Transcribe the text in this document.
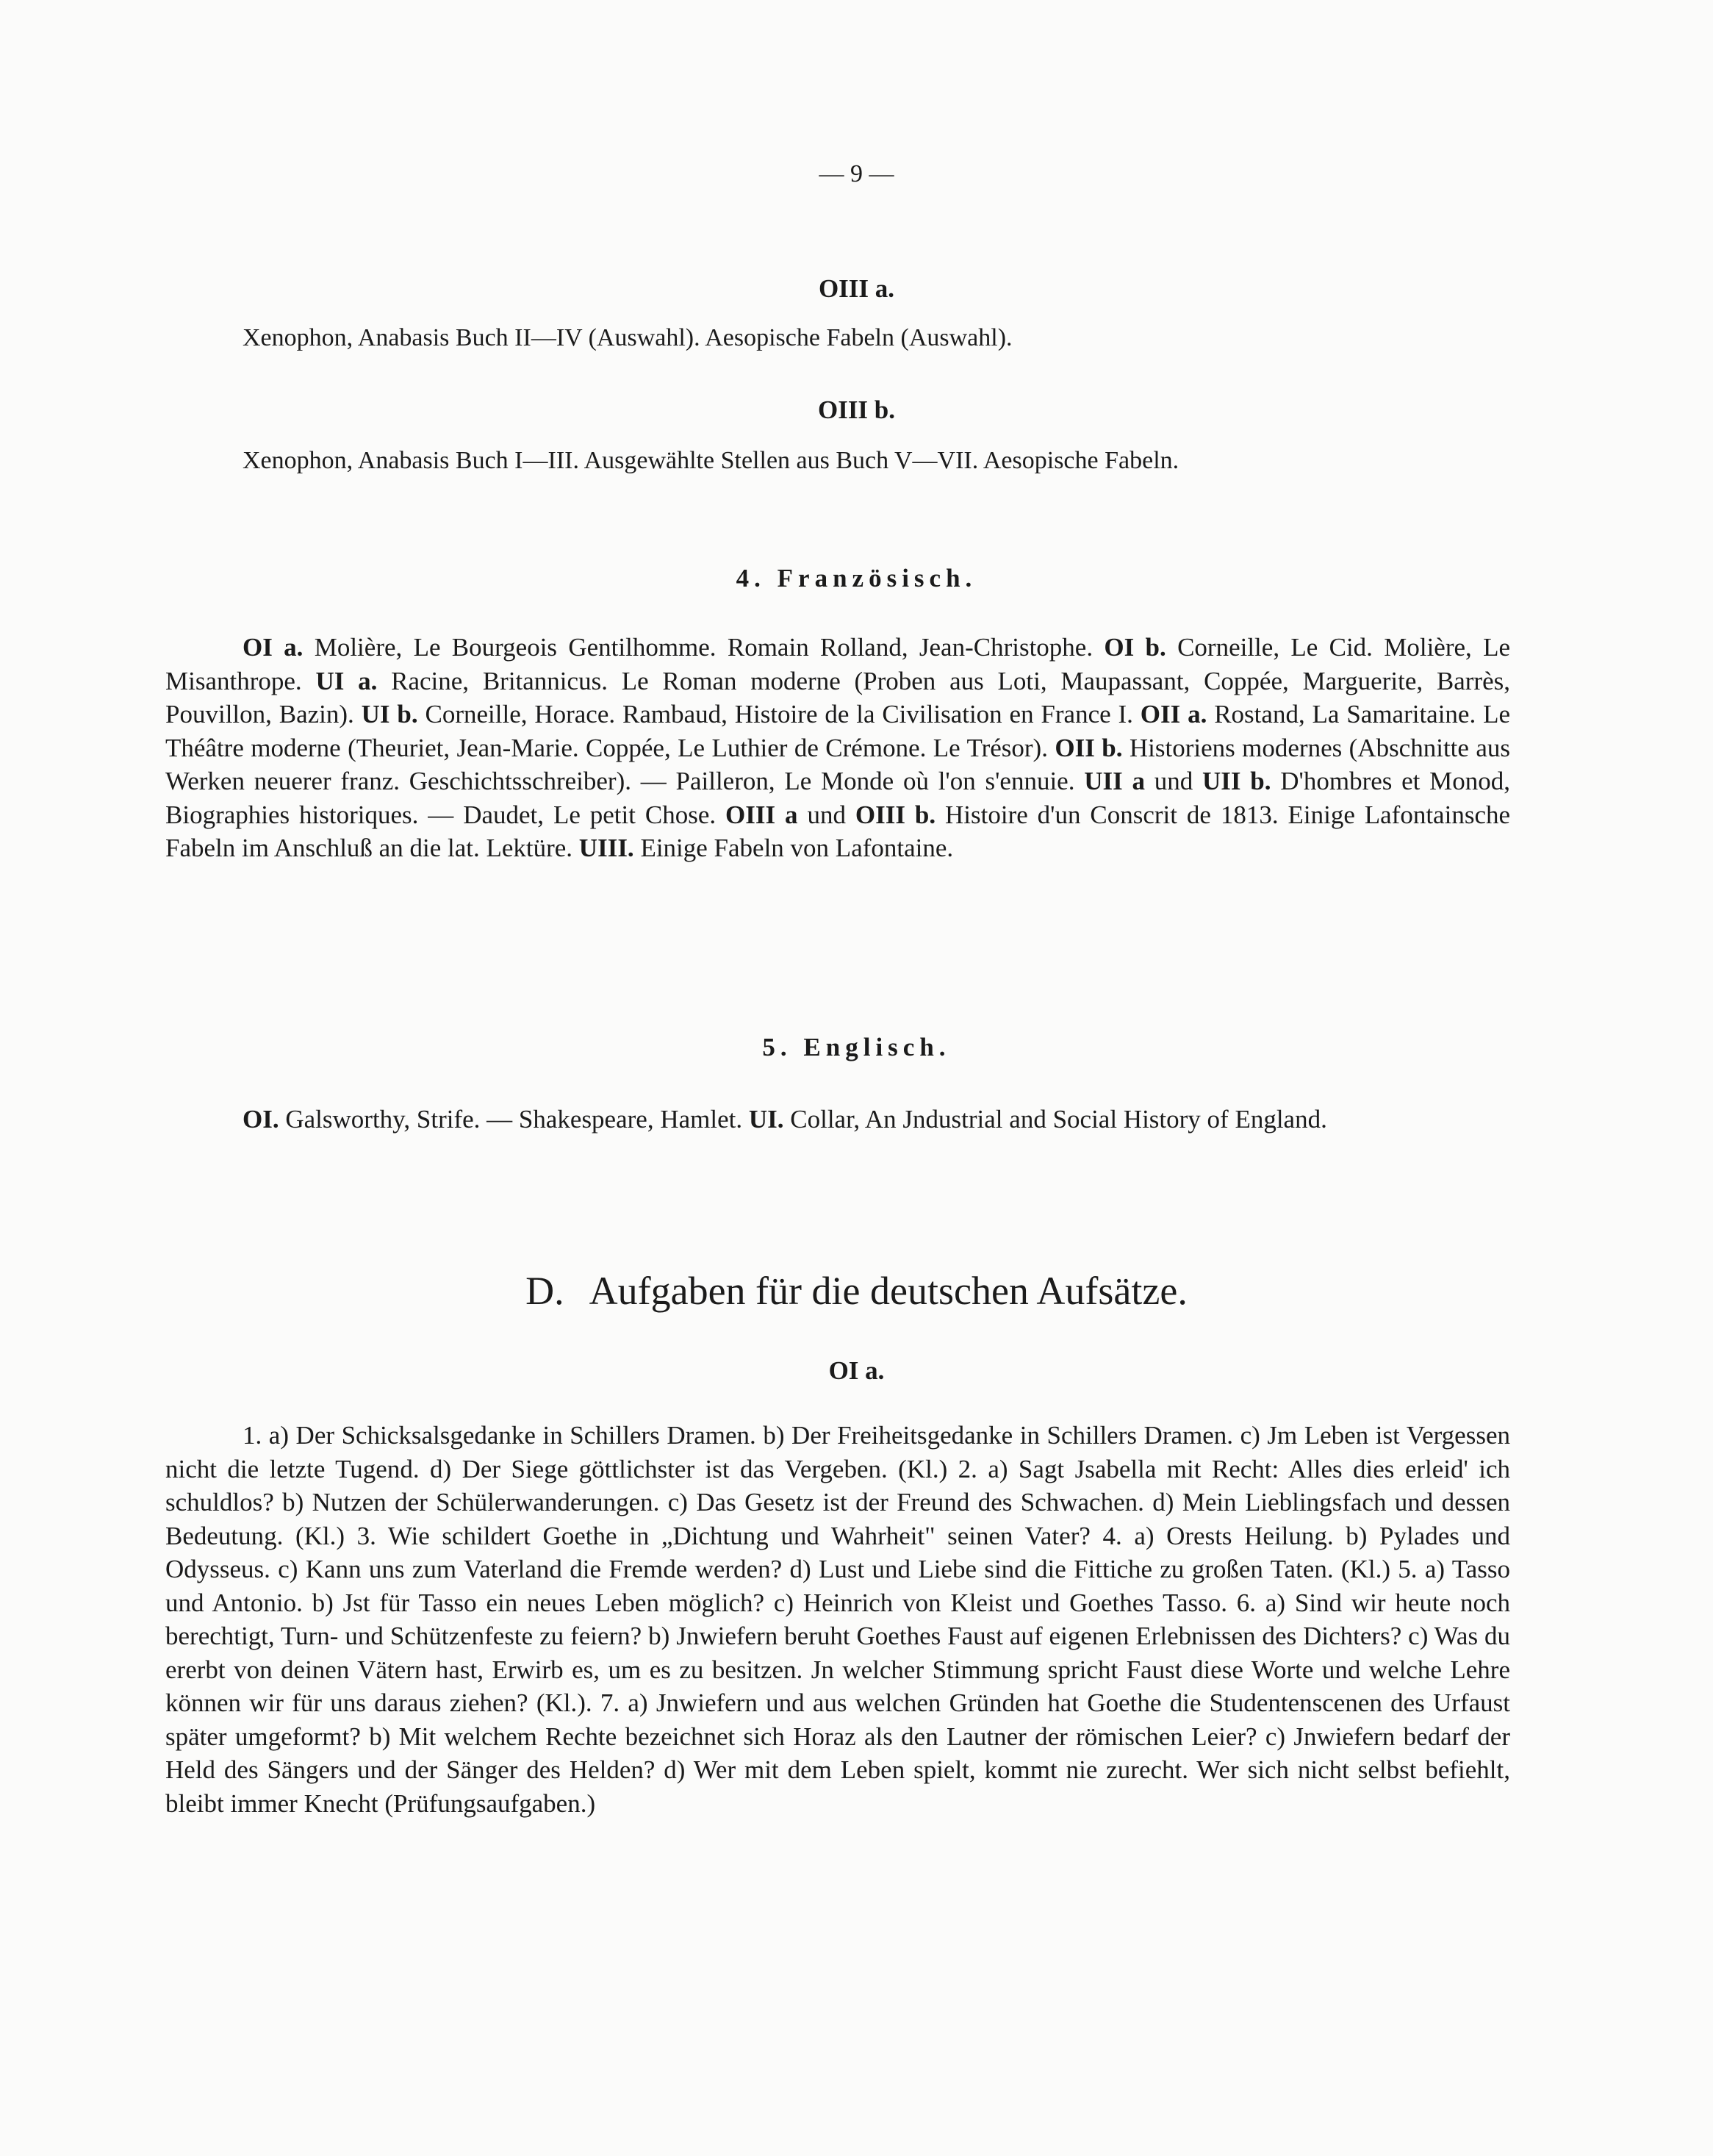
— 9 —
OIII a.
Xenophon, Anabasis Buch II—IV (Auswahl). Aesopische Fabeln (Auswahl).
OIII b.
Xenophon, Anabasis Buch I—III. Ausgewählte Stellen aus Buch V—VII. Aesopische Fabeln.
4. Französisch.
OI a. Molière, Le Bourgeois Gentilhomme. Romain Rolland, Jean-Christophe. OI b. Corneille, Le Cid. Molière, Le Misanthrope. UI a. Racine, Britannicus. Le Roman moderne (Proben aus Loti, Maupassant, Coppée, Marguerite, Barrès, Pouvillon, Bazin). UI b. Corneille, Horace. Rambaud, Histoire de la Civilisation en France I. OII a. Rostand, La Samaritaine. Le Théâtre moderne (Theuriet, Jean-Marie. Coppée, Le Luthier de Crémone. Le Trésor). OII b. Historiens modernes (Abschnitte aus Werken neuerer franz. Geschichtsschreiber). — Pailleron, Le Monde où l'on s'ennuie. UII a und UII b. D'hombres et Monod, Biographies historiques. — Daudet, Le petit Chose. OIII a und OIII b. Histoire d'un Conscrit de 1813. Einige Lafontainsche Fabeln im Anschluß an die lat. Lektüre. UIII. Einige Fabeln von Lafontaine.
5. Englisch.
OI. Galsworthy, Strife. — Shakespeare, Hamlet. UI. Collar, An Jndustrial and Social History of England.
D. Aufgaben für die deutschen Aufsätze.
OI a.
1. a) Der Schicksalsgedanke in Schillers Dramen. b) Der Freiheitsgedanke in Schillers Dramen. c) Jm Leben ist Vergessen nicht die letzte Tugend. d) Der Siege göttlichster ist das Vergeben. (Kl.) 2. a) Sagt Jsabella mit Recht: Alles dies erleid' ich schuldlos? b) Nutzen der Schülerwanderungen. c) Das Gesetz ist der Freund des Schwachen. d) Mein Lieblingsfach und dessen Bedeutung. (Kl.) 3. Wie schildert Goethe in „Dichtung und Wahrheit" seinen Vater? 4. a) Orests Heilung. b) Pylades und Odysseus. c) Kann uns zum Vaterland die Fremde werden? d) Lust und Liebe sind die Fittiche zu großen Taten. (Kl.) 5. a) Tasso und Antonio. b) Jst für Tasso ein neues Leben möglich? c) Heinrich von Kleist und Goethes Tasso. 6. a) Sind wir heute noch berechtigt, Turn- und Schützenfeste zu feiern? b) Jnwiefern beruht Goethes Faust auf eigenen Erlebnissen des Dichters? c) Was du ererbt von deinen Vätern hast, Erwirb es, um es zu besitzen. Jn welcher Stimmung spricht Faust diese Worte und welche Lehre können wir für uns daraus ziehen? (Kl.). 7. a) Jnwiefern und aus welchen Gründen hat Goethe die Studentenscenen des Urfaust später umgeformt? b) Mit welchem Rechte bezeichnet sich Horaz als den Lautner der römischen Leier? c) Jnwiefern bedarf der Held des Sängers und der Sänger des Helden? d) Wer mit dem Leben spielt, kommt nie zurecht. Wer sich nicht selbst befiehlt, bleibt immer Knecht (Prüfungsaufgaben.)
